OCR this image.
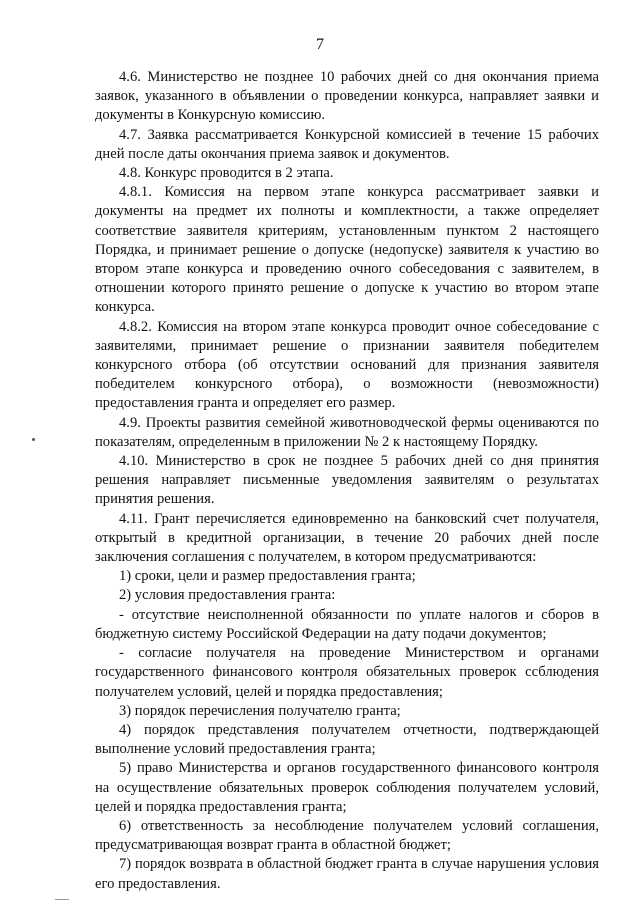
7

4.6. Министерство не позднее 10 рабочих дней со дня окончания приема заявок, указанного в объявлении о проведении конкурса, направляет заявки и документы в Конкурсную комиссию.

4.7. Заявка рассматривается Конкурсной комиссией в течение 15 рабочих дней после даты окончания приема заявок и документов.

4.8. Конкурс проводится в 2 этапа.

4.8.1. Комиссия на первом этапе конкурса рассматривает заявки и документы на предмет их полноты и комплектности, а также определяет соответствие заявителя критериям, установленным пунктом 2 настоящего Порядка, и принимает решение о допуске (недопуске) заявителя к участию во втором этапе конкурса и проведению очного собеседования с заявителем, в отношении которого принято решение о допуске к участию во втором этапе конкурса.

4.8.2. Комиссия на втором этапе конкурса проводит очное собеседование с заявителями, принимает решение о признании заявителя победителем конкурсного отбора (об отсутствии оснований для признания заявителя победителем конкурсного отбора), о возможности (невозможности) предоставления гранта и определяет его размер.

4.9. Проекты развития семейной животноводческой фермы оцениваются по показателям, определенным в приложении № 2 к настоящему Порядку.

4.10. Министерство в срок не позднее 5 рабочих дней со дня принятия решения направляет письменные уведомления заявителям о результатах принятия решения.

4.11. Грант перечисляется единовременно на банковский счет получателя, открытый в кредитной организации, в течение 20 рабочих дней после заключения соглашения с получателем, в котором предусматриваются:

1) сроки, цели и размер предоставления гранта;

2) условия предоставления гранта:

- отсутствие неисполненной обязанности по уплате налогов и сборов в бюджетную систему Российской Федерации на дату подачи документов;

- согласие получателя на проведение Министерством и органами государственного финансового контроля обязательных проверок ссблюдения получателем условий, целей и порядка предоставления;

3) порядок перечисления получателю гранта;

4) порядок представления получателем отчетности, подтверждающей выполнение условий предоставления гранта;

5) право Министерства и органов государственного финансового контроля на осуществление обязательных проверок соблюдения получателем условий, целей и порядка предоставления гранта;

6) ответственность за несоблюдение получателем условий соглашения, предусматривающая возврат гранта в областной бюджет;

7) порядок возврата в областной бюджет гранта в случае нарушения условия его предоставления.
